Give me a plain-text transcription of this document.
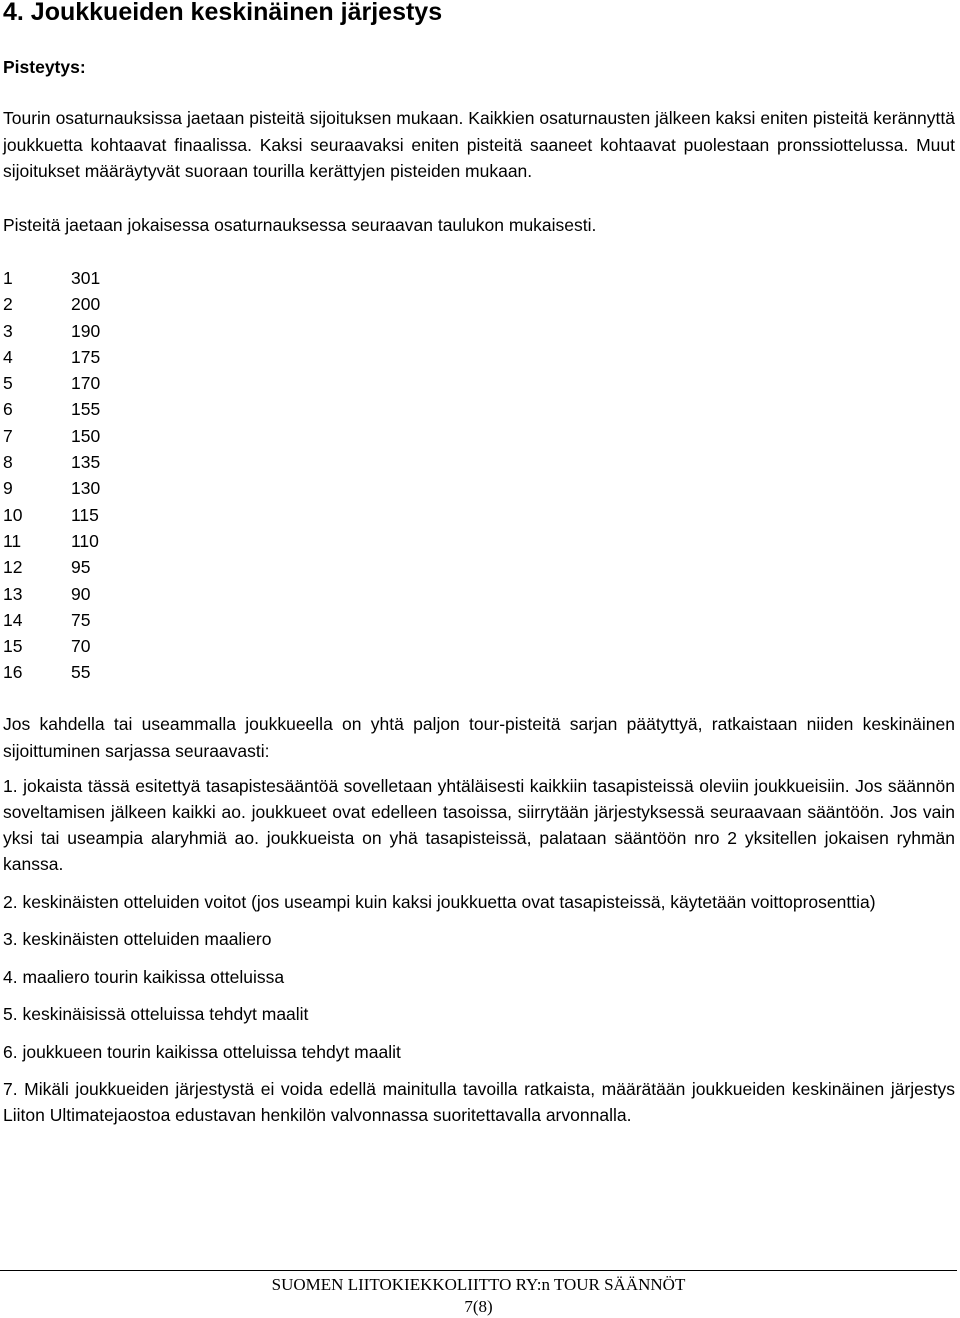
4. Joukkueiden keskinäinen järjestys
Pisteytys:
Tourin osaturnauksissa jaetaan pisteitä sijoituksen mukaan. Kaikkien osaturnausten jälkeen kaksi eniten pisteitä kerännyttä joukkuetta kohtaavat finaalissa. Kaksi seuraavaksi eniten pisteitä saaneet kohtaavat puolestaan pronssiottelussa. Muut sijoitukset määräytyvät suoraan tourilla kerättyjen pisteiden mukaan.
Pisteitä jaetaan jokaisessa osaturnauksessa seuraavan taulukon mukaisesti.
1	301
2	200
3	190
4	175
5	170
6	155
7	150
8	135
9	130
10	115
11	110
12	95
13	90
14	75
15	70
16	55
Jos kahdella tai useammalla joukkueella on yhtä paljon tour-pisteitä sarjan päätyttyä, ratkaistaan niiden keskinäinen sijoittuminen sarjassa seuraavasti:
1. jokaista tässä esitettyä tasapistesääntöä sovelletaan yhtäläisesti kaikkiin tasapisteissä oleviin joukkueisiin. Jos säännön soveltamisen jälkeen kaikki ao. joukkueet ovat edelleen tasoissa, siirrytään järjestyksessä seuraavaan sääntöön. Jos vain yksi tai useampia alaryhmiä ao. joukkueista on yhä tasapisteissä, palataan sääntöön nro 2 yksitellen jokaisen ryhmän kanssa.
2. keskinäisten otteluiden voitot (jos useampi kuin kaksi joukkuetta ovat tasapisteissä, käytetään voittoprosenttia)
3. keskinäisten otteluiden maaliero
4. maaliero tourin kaikissa otteluissa
5. keskinäisissä otteluissa tehdyt maalit
6. joukkueen tourin kaikissa otteluissa tehdyt maalit
7. Mikäli joukkueiden järjestystä ei voida edellä mainitulla tavoilla ratkaista, määrätään joukkueiden keskinäinen järjestys Liiton Ultimatejaostoa edustavan henkilön valvonnassa suoritettavalla arvonnalla.
SUOMEN LIITOKIEKKOLIITTO RY:n TOUR SÄÄNNÖT
7(8)
